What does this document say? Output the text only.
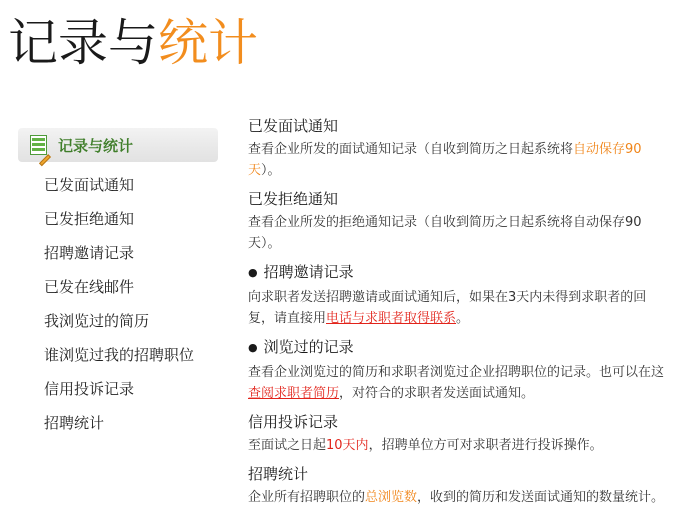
记录与统计
记录与统计
已发面试通知
已发拒绝通知
招聘邀请记录
已发在线邮件
我浏览过的简历
谁浏览过我的招聘职位
信用投诉记录
招聘统计
已发面试通知
查看企业所发的面试通知记录（自收到简历之日起系统将自动保存90天）。
已发拒绝通知
查看企业所发的拒绝通知记录（自收到简历之日起系统将自动保存90天）。
● 招聘邀请记录
向求职者发送招聘邀请或面试通知后，如果在3天内未得到求职者的回复，请直接用电话与求职者取得联系。
● 浏览过的记录
查看企业浏览过的简历和求职者浏览过企业招聘职位的记录。也可以在这查阅求职者简历，对符合的求职者发送面试通知。
信用投诉记录
至面试之日起10天内，招聘单位方可对求职者进行投诉操作。
招聘统计
企业所有招聘职位的总浏览数，收到的简历和发送面试通知的数量统计。
